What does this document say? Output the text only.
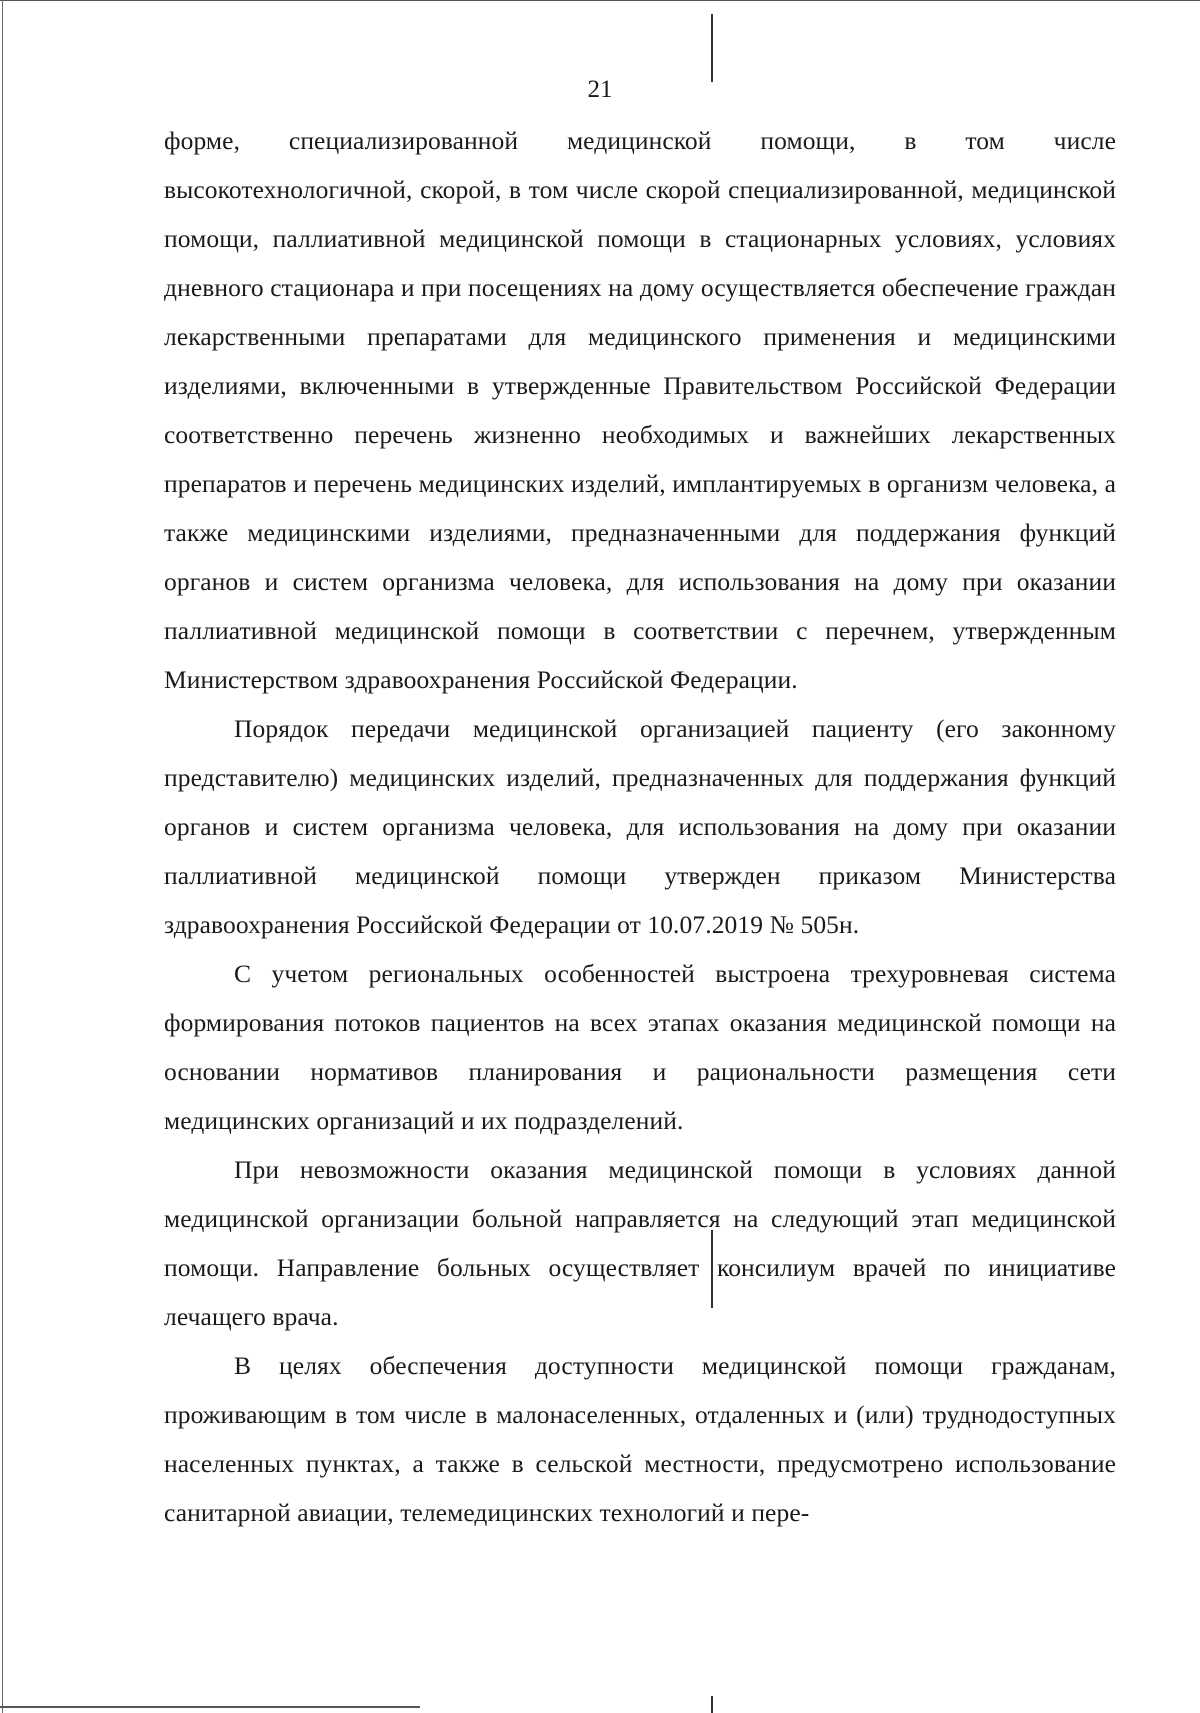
21

форме, специализированной медицинской помощи, в том числе высокотехнологичной, скорой, в том числе скорой специализированной, медицинской помощи, паллиативной медицинской помощи в стационарных условиях, условиях дневного стационара и при посещениях на дому осуществляется обеспечение граждан лекарственными препаратами для медицинского применения и медицинскими изделиями, включенными в утвержденные Правительством Российской Федерации соответственно перечень жизненно необходимых и важнейших лекарственных препаратов и перечень медицинских изделий, имплантируемых в организм человека, а также медицинскими изделиями, предназначенными для поддержания функций органов и систем организма человека, для использования на дому при оказании паллиативной медицинской помощи в соответствии с перечнем, утвержденным Министерством здравоохранения Российской Федерации.

Порядок передачи медицинской организацией пациенту (его законному представителю) медицинских изделий, предназначенных для поддержания функций органов и систем организма человека, для использования на дому при оказании паллиативной медицинской помощи утвержден приказом Министерства здравоохранения Российской Федерации от 10.07.2019 № 505н.

С учетом региональных особенностей выстроена трехуровневая система формирования потоков пациентов на всех этапах оказания медицинской помощи на основании нормативов планирования и рациональности размещения сети медицинских организаций и их подразделений.

При невозможности оказания медицинской помощи в условиях данной медицинской организации больной направляется на следующий этап медицинской помощи. Направление больных осуществляет консилиум врачей по инициативе лечащего врача.

В целях обеспечения доступности медицинской помощи гражданам, проживающим в том числе в малонаселенных, отдаленных и (или) труднодоступных населенных пунктах, а также в сельской местности, предусмотрено использование санитарной авиации, телемедицинских технологий и пере-
